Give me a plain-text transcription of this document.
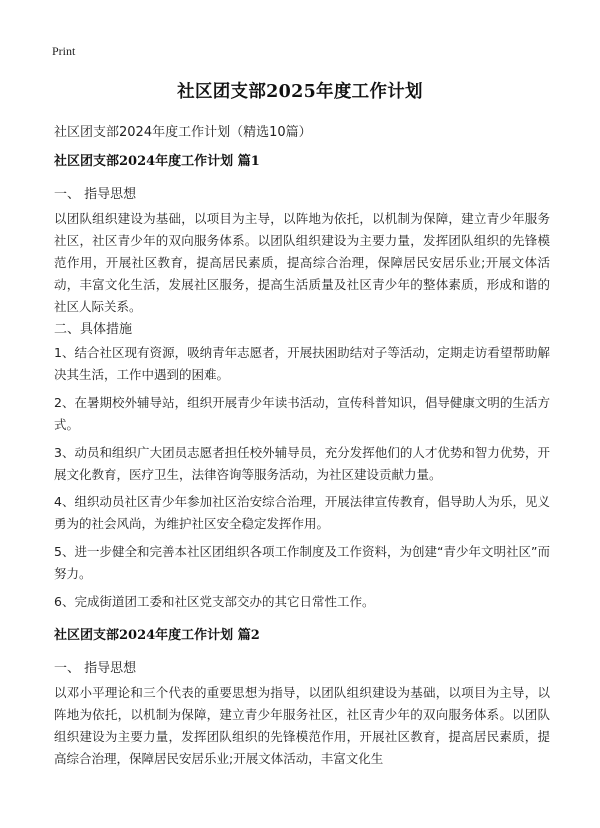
Print
社区团支部2025年度工作计划
社区团支部2024年度工作计划（精选10篇）
社区团支部2024年度工作计划 篇1
一、 指导思想
以团队组织建设为基础，以项目为主导，以阵地为依托，以机制为保障，建立青少年服务社区，社区青少年的双向服务体系。以团队组织建设为主要力量，发挥团队组织的先锋模范作用，开展社区教育，提高居民素质，提高综合治理，保障居民安居乐业;开展文体活动，丰富文化生活，发展社区服务，提高生活质量及社区青少年的整体素质，形成和谐的社区人际关系。
二、具体措施
1、结合社区现有资源，吸纳青年志愿者，开展扶困助结对子等活动，定期走访看望帮助解决其生活，工作中遇到的困难。
2、在暑期校外辅导站，组织开展青少年读书活动，宣传科普知识，倡导健康文明的生活方式。
3、动员和组织广大团员志愿者担任校外辅导员，充分发挥他们的人才优势和智力优势，开展文化教育，医疗卫生，法律咨询等服务活动，为社区建设贡献力量。
4、组织动员社区青少年参加社区治安综合治理，开展法律宣传教育，倡导助人为乐，见义勇为的社会风尚，为维护社区安全稳定发挥作用。
5、进一步健全和完善本社区团组织各项工作制度及工作资料，为创建“青少年文明社区”而努力。
6、完成街道团工委和社区党支部交办的其它日常性工作。
社区团支部2024年度工作计划 篇2
一、 指导思想
以邓小平理论和三个代表的重要思想为指导，以团队组织建设为基础，以项目为主导，以阵地为依托，以机制为保障，建立青少年服务社区，社区青少年的双向服务体系。以团队组织建设为主要力量，发挥团队组织的先锋模范作用，开展社区教育，提高居民素质，提高综合治理，保障居民安居乐业;开展文体活动，丰富文化生
